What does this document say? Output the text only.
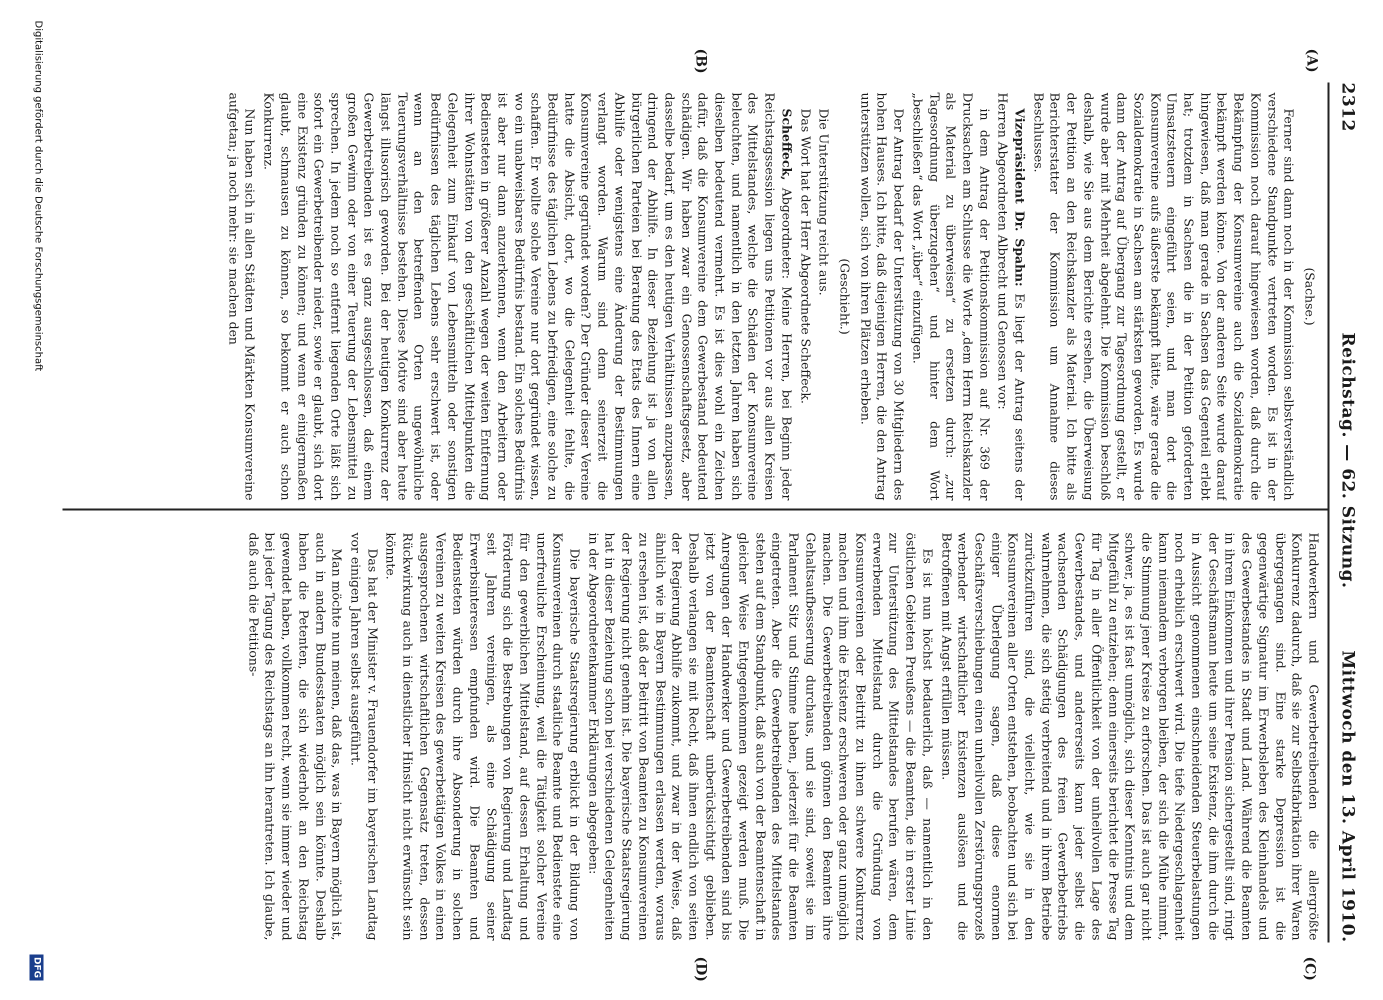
2312
Reichstag. — 62. Sitzung.
Mittwoch den 13. April 1910.
(A)
(B)
(C)
(D)

(Sachse.)

Ferner sind dann noch in der Kommission selbstverständlich verschiedene Standpunkte vertreten worden. Es ist in der Kommission noch darauf hingewiesen worden, daß durch die Bekämpfung der Konsumvereine auch die Sozialdemokratie bekämpft werden könne. Von der anderen Seite wurde darauf hingewiesen, daß man gerade in Sachsen das Gegenteil erlebt hat; trotzdem in Sachsen die in der Petition geforderten Umsatzsteuern eingeführt seien, und man dort die Konsumvereine aufs äußerste bekämpft hätte, wäre gerade die Sozialdemokratie in Sachsen am stärksten geworden. Es wurde dann der Antrag auf Übergang zur Tagesordnung gestellt, er wurde aber mit Mehrheit abgelehnt. Die Kommission beschloß deshalb, wie Sie aus dem Berichte ersehen, die Überweisung der Petition an den Reichskanzler als Material. Ich bitte als Berichterstatter der Kommission um Annahme dieses Beschlusses.

Vizepräsident Dr. Spahn: Es liegt der Antrag seitens der Herren Abgeordneten Albrecht und Genossen vor:

in dem Antrag der Petitionskommission auf Nr. 369 der Drucksachen am Schlusse die Worte „dem Herrn Reichskanzler als Material zu überweisen“ zu ersetzen durch: „zur Tagesordnung überzugehen“ und hinter dem Wort „beschließen“ das Wort „über“ einzufügen.

Der Antrag bedarf der Unterstützung von 30 Mitgliedern des hohen Hauses. Ich bitte, daß diejenigen Herren, die den Antrag unterstützen wollen, sich von ihren Plätzen erheben.

(Geschieht.)

Die Unterstützung reicht aus.

Das Wort hat der Herr Abgeordnete Scheffeck.

Scheffeck, Abgeordneter: Meine Herren, bei Beginn jeder Reichstagssession liegen uns Petitionen vor aus allen Kreisen des Mittelstandes, welche die Schäden der Konsumvereine beleuchten, und namentlich in den letzten Jahren haben sich dieselben bedeutend vermehrt. Es ist dies wohl ein Zeichen dafür, daß die Konsumvereine dem Gewerbestand bedeutend schädigen. Wir haben zwar ein Genossenschaftsgesetz, aber dasselbe bedarf, um es den heutigen Verhältnissen anzupassen, dringend der Abhilfe. In dieser Beziehung ist ja von allen bürgerlichen Parteien bei Beratung des Etats des Innern eine Abhilfe oder wenigstens eine Änderung der Bestimmungen verlangt worden. Warum sind denn seinerzeit die Konsumvereine gegründet worden? Der Gründer dieser Vereine hatte die Absicht, dort, wo die Gelegenheit fehlte, die Bedürfnisse des täglichen Lebens zu befriedigen, eine solche zu schaffen. Er wollte solche Vereine nur dort gegründet wissen, wo ein unabweisbares Bedürfnis bestand. Ein solches Bedürfnis ist aber nur dann anzuerkennen, wenn den Arbeitern oder Bediensteten in größerer Anzahl wegen der weiten Entfernung ihrer Wohnstätten von den geschäftlichen Mittelpunkten die Gelegenheit zum Einkauf von Lebensmitteln oder sonstigen Bedürfnissen des täglichen Lebens sehr erschwert ist, oder wenn an den betreffenden Orten ungewöhnliche Teuerungsverhältnisse bestehen. Diese Motive sind aber heute längst illusorisch geworden. Bei der heutigen Konkurrenz der Gewerbetreibenden ist es ganz ausgeschlossen, daß einem großen Gewinn oder von einer Teuerung der Lebensmittel zu sprechen. In jedem noch so entfernt liegenden Orte läßt sich sofort ein Gewerbetreibender nieder, sowie er glaubt, sich dort eine Existenz gründen zu können; und wenn er einigermaßen glaubt, schmausen zu können, so bekommt er auch schon Konkurrenz.

Nun haben sich in allen Städten und Märkten Konsumvereine aufgetan; ja noch mehr: sie machen den

Handwerkern und Gewerbetreibenden die allergrößte Konkurrenz dadurch, daß sie zur Selbstfabrikation ihrer Waren übergegangen sind. Eine starke Depression ist die gegenwärtige Signatur im Erwerbsleben des Kleinhandels und des Gewerbestandes in Stadt und Land. Während die Beamten in ihrem Einkommen und ihrer Pension sichergestellt sind, ringt der Geschäftsmann heute um seine Existenz, die ihm durch die in Aussicht genommenen einschneidenden Steuerbelastungen noch erheblich erschwert wird. Die tiefe Niedergeschlagenheit kann niemandem verborgen bleiben, der sich die Mühe nimmt, die Stimmung jener Kreise zu erforschen. Das ist auch gar nicht schwer, ja, es ist fast unmöglich, sich dieser Kenntnis und dem Mitgefühl zu entziehen; denn einerseits berichtet die Presse Tag für Tag in aller Öffentlichkeit von der unheilvollen Lage des Gewerbestandes, und andererseits kann jeder selbst die wachsenden Schädigungen des freien Gewerbebetriebs wahrnehmen, die sich stetig verbreitend und in ihrem Betriebe zurückzuführen sind, die vielleicht, wie sie in den Konsumvereinen aller Orten entstehen, beobachten und sich bei einiger Überlegung sagen, daß diese enormen Geschäftsverschiebungen einen unheilvollen Zerstörungsprozeß werbender wirtschaftlicher Existenzen auslösen und die Betroffenen mit Angst erfüllen müssen.

Es ist nun höchst bedauerlich, daß — namentlich in den östlichen Gebieten Preußens — die Beamten, die in erster Linie zur Unterstützung des Mittelstandes berufen wären, dem erwerbenden Mittelstand durch die Gründung von Konsumvereinen oder Beitritt zu ihnen schwere Konkurrenz machen und ihm die Existenz erschweren oder ganz unmöglich machen. Die Gewerbetreibenden gönnen den Beamten ihre Gehaltsaufbesserung durchaus, und sie sind, soweit sie im Parlament Sitz und Stimme haben, jederzeit für die Beamten eingetreten. Aber die Gewerbetreibenden des Mittelstandes stehen auf dem Standpunkt, daß auch von der Beamtenschaft in gleicher Weise Entgegenkommen gezeigt werden muß. Die Anregungen der Handwerker und Gewerbetreibenden sind bis jetzt von der Beamtenschaft unberücksichtigt geblieben. Deshalb verlangen sie mit Recht, daß ihnen endlich von seiten der Regierung Abhilfe zukommt, und zwar in der Weise, daß ähnlich wie in Bayern Bestimmungen erlassen werden, woraus zu ersehen ist, daß der Beitritt von Beamten zu Konsumvereinen der Regierung nicht genehm ist. Die bayerische Staatsregierung hat in dieser Beziehung schon bei verschiedenen Gelegenheiten in der Abgeordnetenkammer Erklärungen abgegeben:

Die bayerische Staatsregierung erblickt in der Bildung von Konsumvereinen durch staatliche Beamte und Bedienstete eine unerfreuliche Erscheinung, weil die Tätigkeit solcher Vereine für den gewerblichen Mittelstand, auf dessen Erhaltung und Förderung sich die Bestrebungen von Regierung und Landtag seit Jahren vereinigen, als eine Schädigung seiner Erwerbsinteressen empfunden wird. Die Beamten und Bediensteten würden durch ihre Absonderung in solchen Vereinen zu weiten Kreisen des gewerbetätigen Volkes in einen ausgesprochenen wirtschaftlichen Gegensatz treten, dessen Rückwirkung auch in dienstlicher Hinsicht nicht erwünscht sein könnte.

Das hat der Minister v. Frauendorfer im bayerischen Landtag vor einigen Jahren selbst ausgeführt.

Man möchte nun meinen, daß das, was in Bayern möglich ist, auch in andern Bundesstaaten möglich sein könnte. Deshalb haben die Petenten, die sich wiederholt an den Reichstag gewendet haben, vollkommen recht, wenn sie immer wieder und bei jeder Tagung des Reichstags an ihn herantreten. Ich glaube, daß auch die Petitions-

Digitalisierung gefördert durch die Deutsche Forschungsgemeinschaft
DFG
